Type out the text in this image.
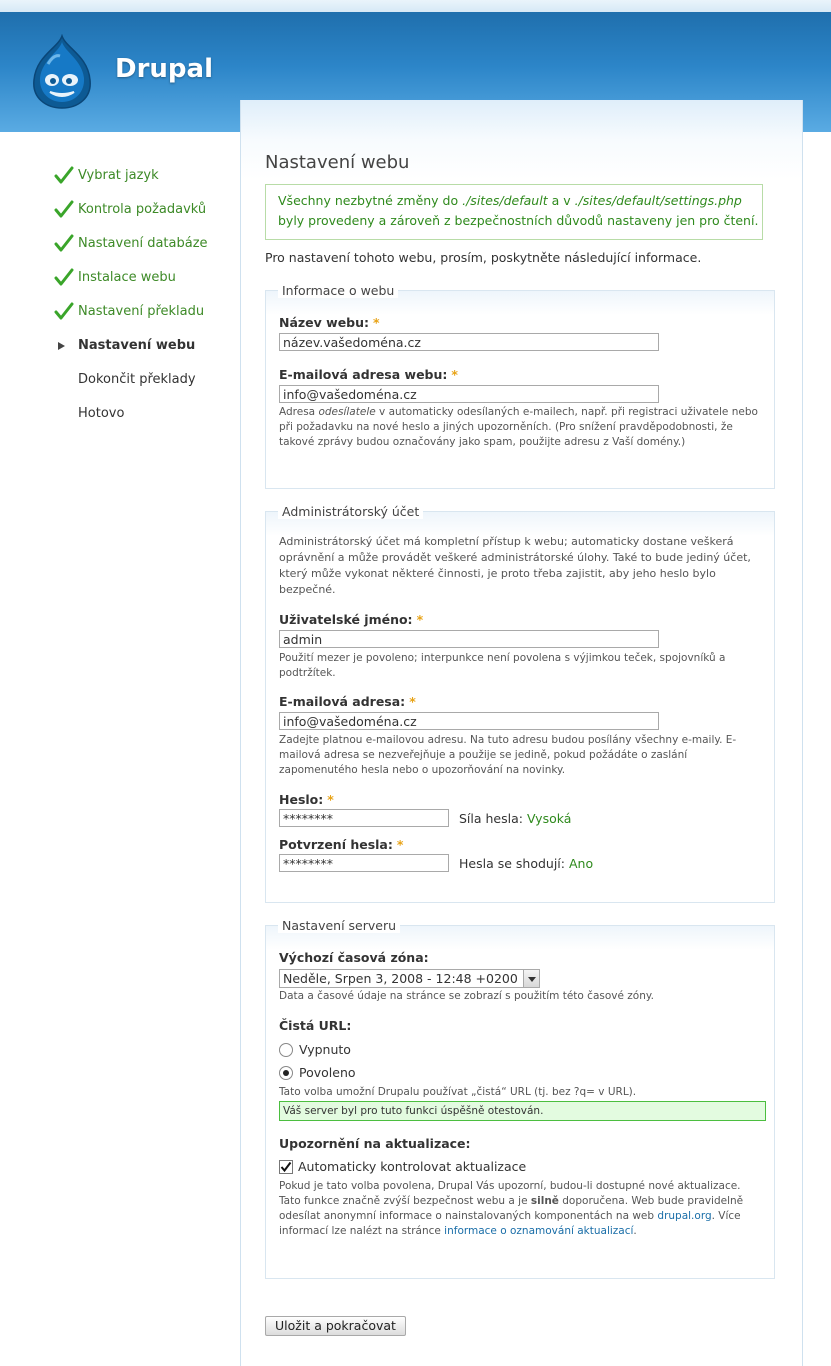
Drupal
Vybrat jazyk
Kontrola požadavků
Nastavení databáze
Instalace webu
Nastavení překladu
Nastavení webu
Dokončit překlady
Hotovo
Nastavení webu
Všechny nezbytné změny do ./sites/default a v ./sites/default/settings.php
byly provedeny a zároveň z bezpečnostních důvodů nastaveny jen pro čtení.
Pro nastavení tohoto webu, prosím, poskytněte následující informace.
Informace o webu
Název webu: *
název.vašedoména.cz
E-mailová adresa webu: *
info@vašedoména.cz
Adresa odesílatele v automaticky odesílaných e-mailech, např. při registraci uživatele nebo při požadavku na nové heslo a jiných upozorněních. (Pro snížení pravděpodobnosti, že takové zprávy budou označovány jako spam, použijte adresu z Vaší domény.)
Administrátorský účet
Administrátorský účet má kompletní přístup k webu; automaticky dostane veškerá oprávnění a může provádět veškeré administrátorské úlohy. Také to bude jediný účet, který může vykonat některé činnosti, je proto třeba zajistit, aby jeho heslo bylo bezpečné.
Uživatelské jméno: *
admin
Použití mezer je povoleno; interpunkce není povolena s výjimkou teček, spojovníků a podtržítek.
E-mailová adresa: *
info@vašedoména.cz
Zadejte platnou e-mailovou adresu. Na tuto adresu budou posílány všechny e-maily. E-mailová adresa se nezveřejňuje a použije se jedině, pokud požádáte o zaslání zapomenutého hesla nebo o upozorňování na novinky.
Heslo: *
********	Síla hesla: Vysoká
Potvrzení hesla: *
********	Hesla se shodují: Ano
Nastavení serveru
Výchozí časová zóna:
Neděle, Srpen 3, 2008 - 12:48 +0200
Data a časové údaje na stránce se zobrazí s použitím této časové zóny.
Čistá URL:
Vypnuto
Povoleno
Tato volba umožní Drupalu používat „čistá“ URL (tj. bez ?q= v URL).
Váš server byl pro tuto funkci úspěšně otestován.
Upozornění na aktualizace:
Automaticky kontrolovat aktualizace
Pokud je tato volba povolena, Drupal Vás upozorní, budou-li dostupné nové aktualizace. Tato funkce značně zvýší bezpečnost webu a je silně doporučena. Web bude pravidelně odesílat anonymní informace o nainstalovaných komponentách na web drupal.org. Více informací lze nalézt na stránce informace o oznamování aktualizací.
Uložit a pokračovat
